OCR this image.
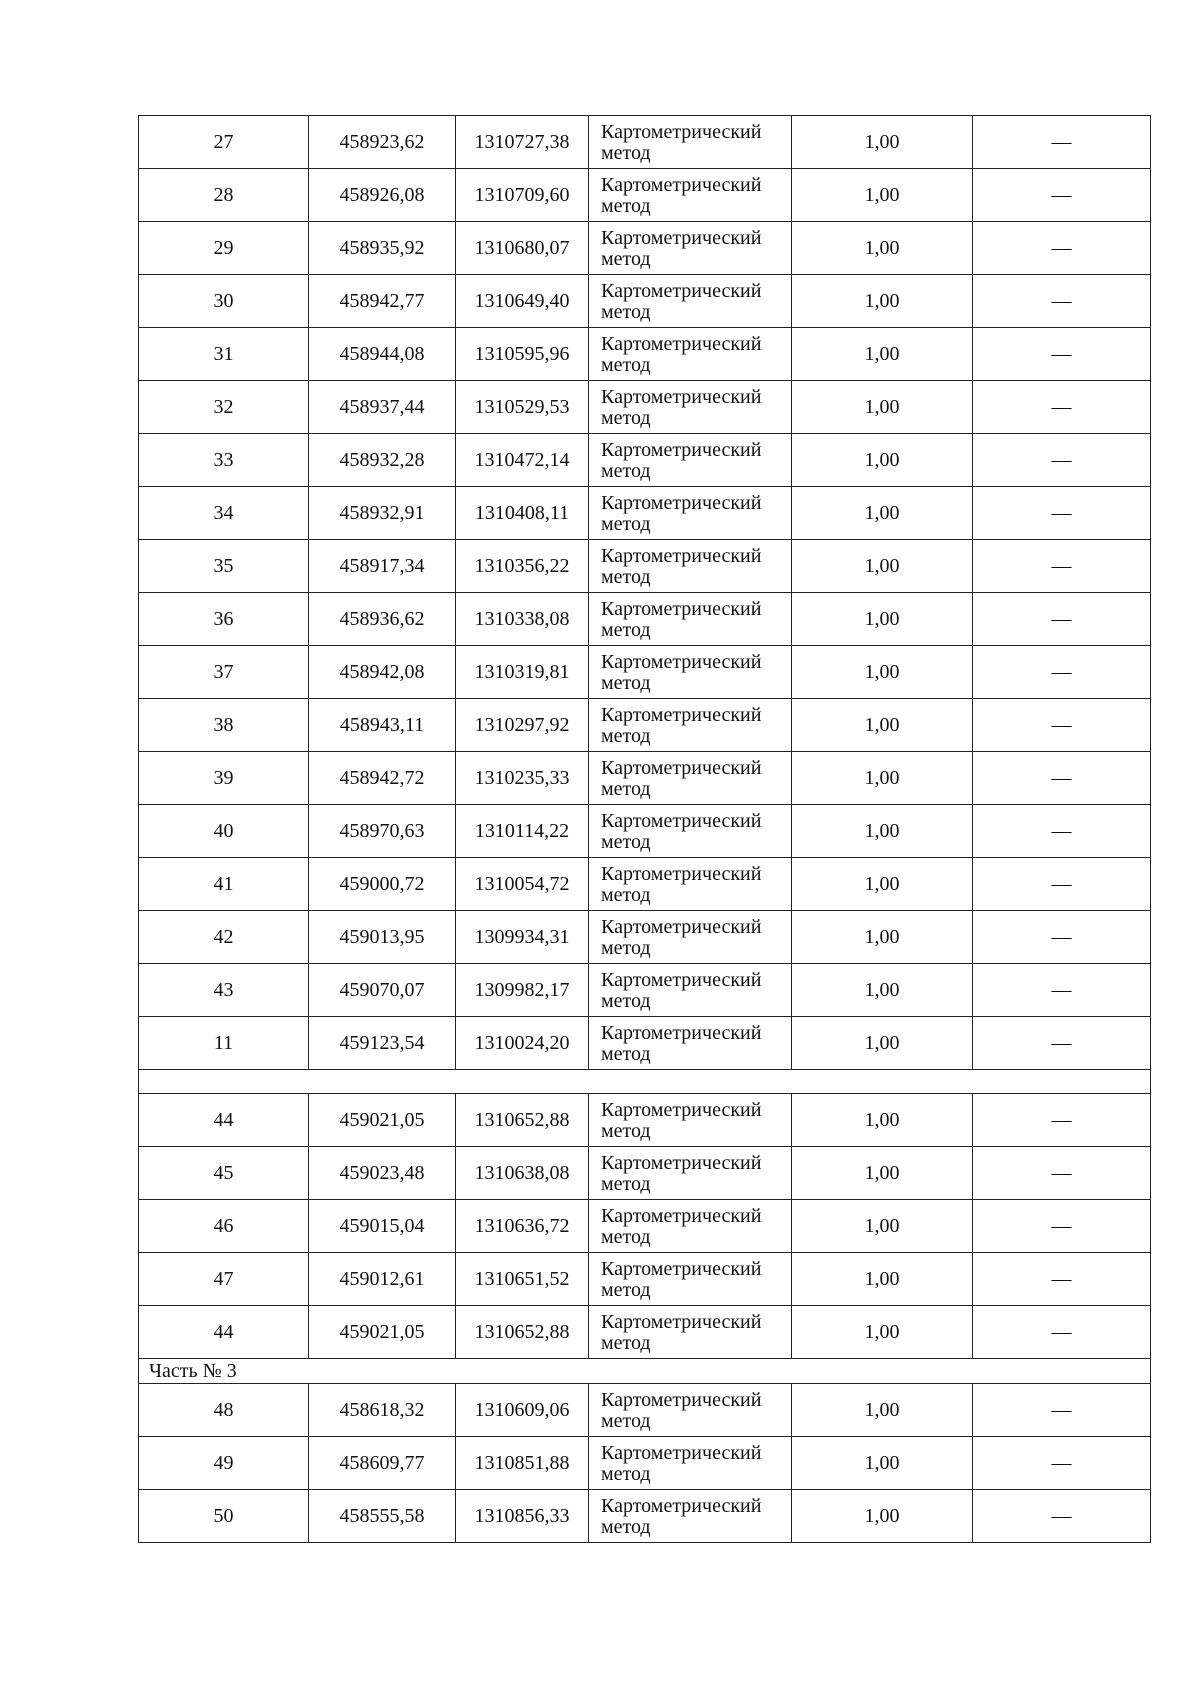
27	458923,62	1310727,38	Картометрический метод	1,00	—
28	458926,08	1310709,60	Картометрический метод	1,00	—
29	458935,92	1310680,07	Картометрический метод	1,00	—
30	458942,77	1310649,40	Картометрический метод	1,00	—
31	458944,08	1310595,96	Картометрический метод	1,00	—
32	458937,44	1310529,53	Картометрический метод	1,00	—
33	458932,28	1310472,14	Картометрический метод	1,00	—
34	458932,91	1310408,11	Картометрический метод	1,00	—
35	458917,34	1310356,22	Картометрический метод	1,00	—
36	458936,62	1310338,08	Картометрический метод	1,00	—
37	458942,08	1310319,81	Картометрический метод	1,00	—
38	458943,11	1310297,92	Картометрический метод	1,00	—
39	458942,72	1310235,33	Картометрический метод	1,00	—
40	458970,63	1310114,22	Картометрический метод	1,00	—
41	459000,72	1310054,72	Картометрический метод	1,00	—
42	459013,95	1309934,31	Картометрический метод	1,00	—
43	459070,07	1309982,17	Картометрический метод	1,00	—
11	459123,54	1310024,20	Картометрический метод	1,00	—

44	459021,05	1310652,88	Картометрический метод	1,00	—
45	459023,48	1310638,08	Картометрический метод	1,00	—
46	459015,04	1310636,72	Картометрический метод	1,00	—
47	459012,61	1310651,52	Картометрический метод	1,00	—
44	459021,05	1310652,88	Картометрический метод	1,00	—
Часть № 3					
48	458618,32	1310609,06	Картометрический метод	1,00	—
49	458609,77	1310851,88	Картометрический метод	1,00	—
50	458555,58	1310856,33	Картометрический метод	1,00	—
